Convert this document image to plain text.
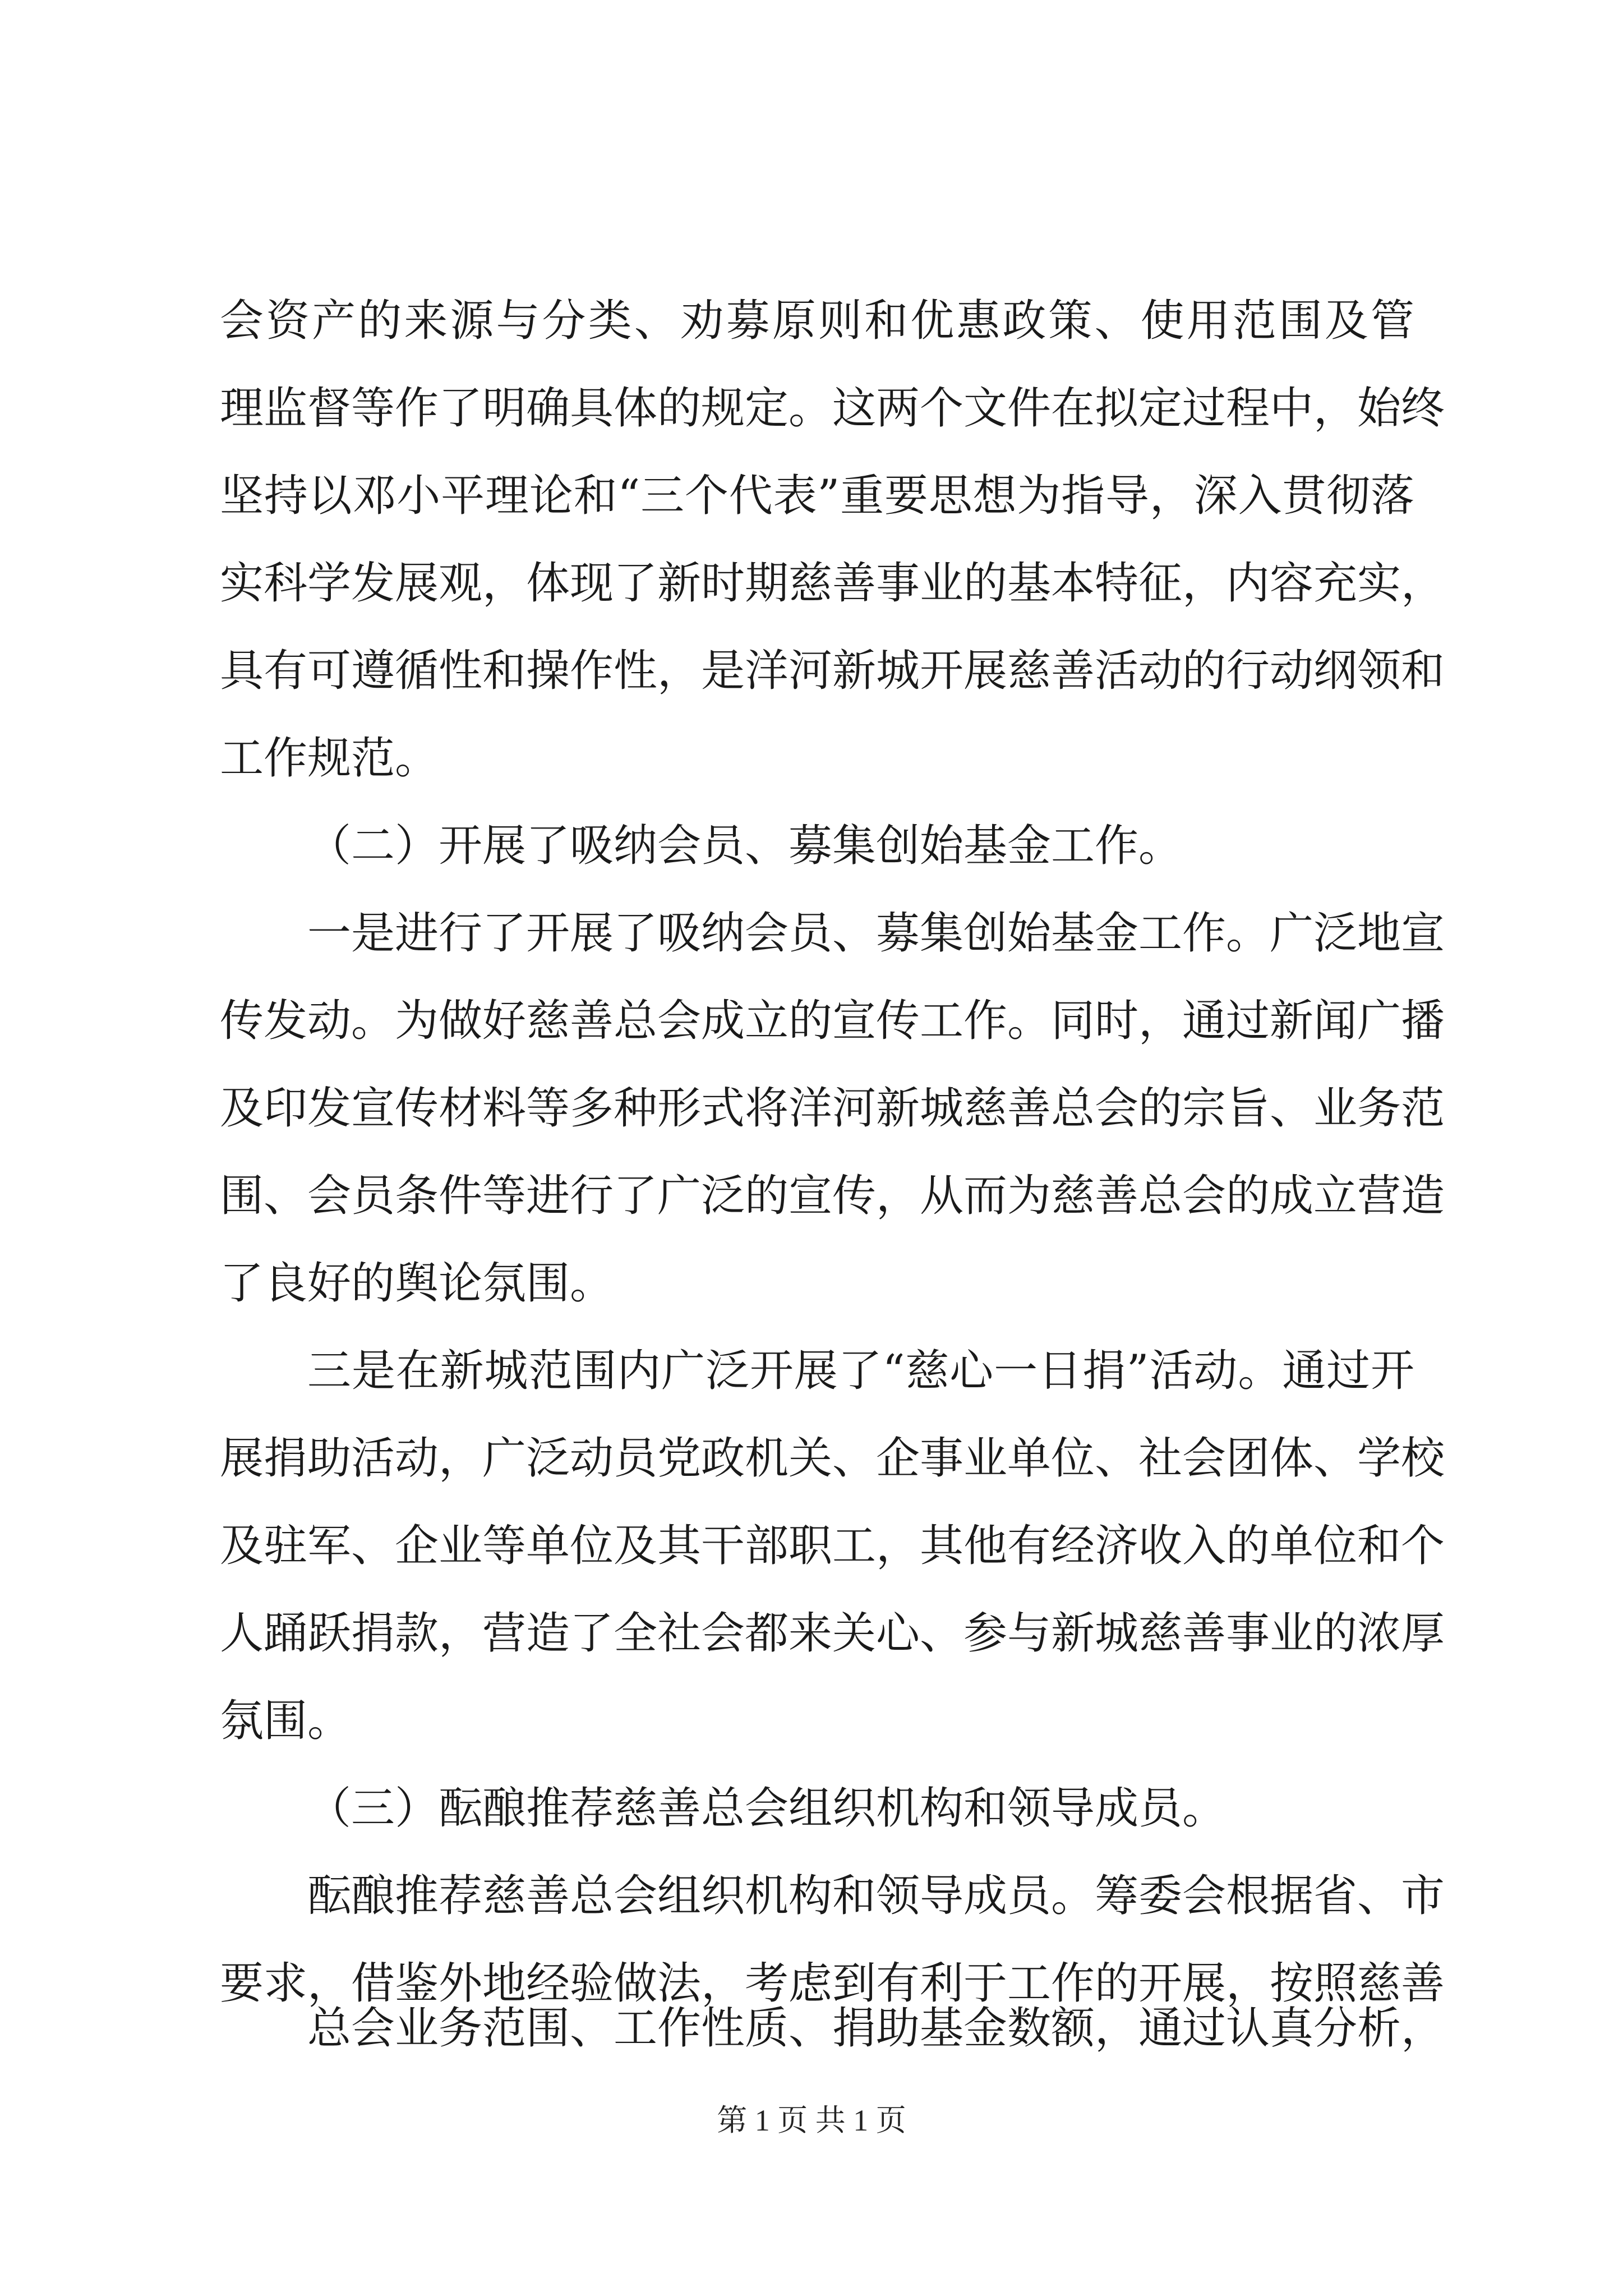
会资产的来源与分类、劝募原则和优惠政策、使用范围及管
理监督等作了明确具体的规定。这两个文件在拟定过程中，始终
坚持以邓小平理论和“三个代表”重要思想为指导，深入贯彻落
实科学发展观，体现了新时期慈善事业的基本特征，内容充实，
具有可遵循性和操作性，是洋河新城开展慈善活动的行动纲领和
工作规范。
（二）开展了吸纳会员、募集创始基金工作。
一是进行了开展了吸纳会员、募集创始基金工作。广泛地宣
传发动。为做好慈善总会成立的宣传工作。同时，通过新闻广播
及印发宣传材料等多种形式将洋河新城慈善总会的宗旨、业务范
围、会员条件等进行了广泛的宣传，从而为慈善总会的成立营造
了良好的舆论氛围。
三是在新城范围内广泛开展了“慈心一日捐”活动。通过开
展捐助活动，广泛动员党政机关、企事业单位、社会团体、学校
及驻军、企业等单位及其干部职工，其他有经济收入的单位和个
人踊跃捐款，营造了全社会都来关心、参与新城慈善事业的浓厚
氛围。
（三）酝酿推荐慈善总会组织机构和领导成员。
酝酿推荐慈善总会组织机构和领导成员。筹委会根据省、市
要求，借鉴外地经验做法，考虑到有利于工作的开展，按照慈善
总会业务范围、工作性质、捐助基金数额，通过认真分析，
第 1 页 共 1 页
